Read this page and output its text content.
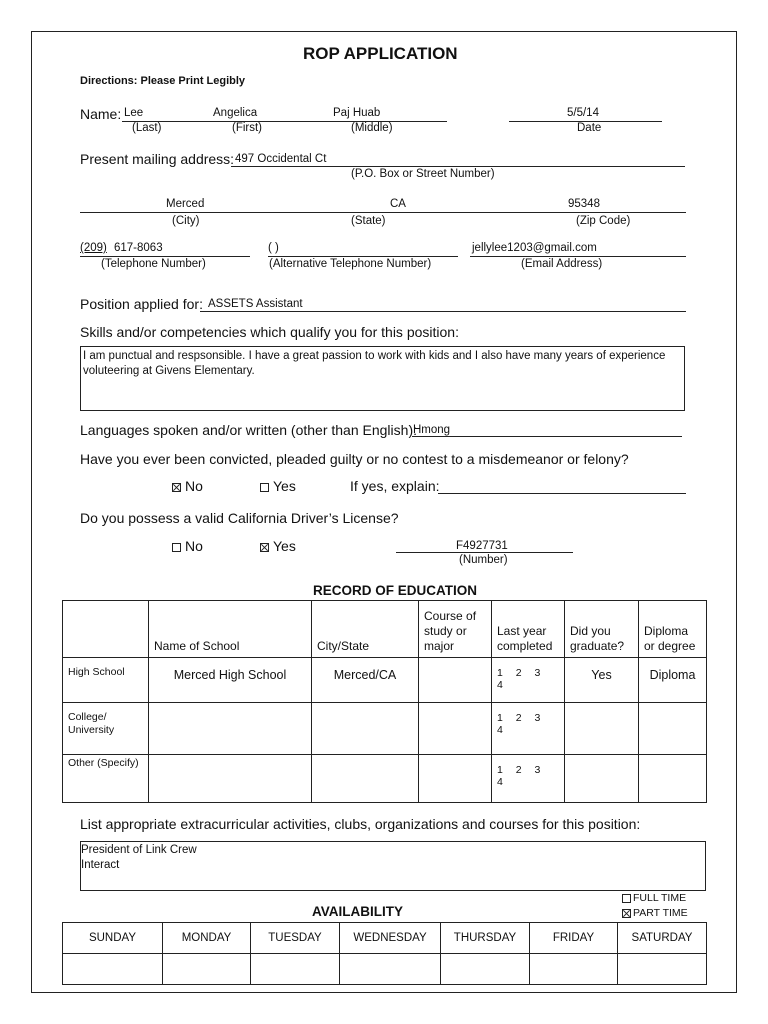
ROP APPLICATION
Directions: Please Print Legibly
Name: Lee	Angelica	Paj Huab	5/5/14
(Last)	(First)	(Middle)	Date
Present mailing address: 497 Occidental Ct
(P.O. Box or Street Number)
Merced	CA	95348
(City)	(State)	(Zip Code)
(209) 617-8063	( )	jellylee1203@gmail.com
(Telephone Number)	(Alternative Telephone Number)	(Email Address)
Position applied for: ASSETS Assistant
Skills and/or competencies which qualify you for this position:
I am punctual and respsonsible. I have a great passion to work with kids and I also have many years of experience voluteering at Givens Elementary.
Languages spoken and/or written (other than English):
Hmong
Have you ever been convicted, pleaded guilty or no contest to a misdemeanor or felony?
No	Yes	If yes, explain:
Do you possess a valid California Driver’s License?
No	Yes	F4927731
(Number)
RECORD OF EDUCATION
	Name of School	City/State	Course of study or major	Last year completed	Did you graduate?	Diploma or degree
High School	Merced High School	Merced/CA		1 2 3 4	Yes	Diploma
College/ University				1 2 3 4		
Other (Specify)				1 2 3 4		
List appropriate extracurricular activities, clubs, organizations and courses for this position:
President of Link Crew
Interact
AVAILABILITY
FULL TIME
PART TIME
SUNDAY	MONDAY	TUESDAY	WEDNESDAY	THURSDAY	FRIDAY	SATURDAY
